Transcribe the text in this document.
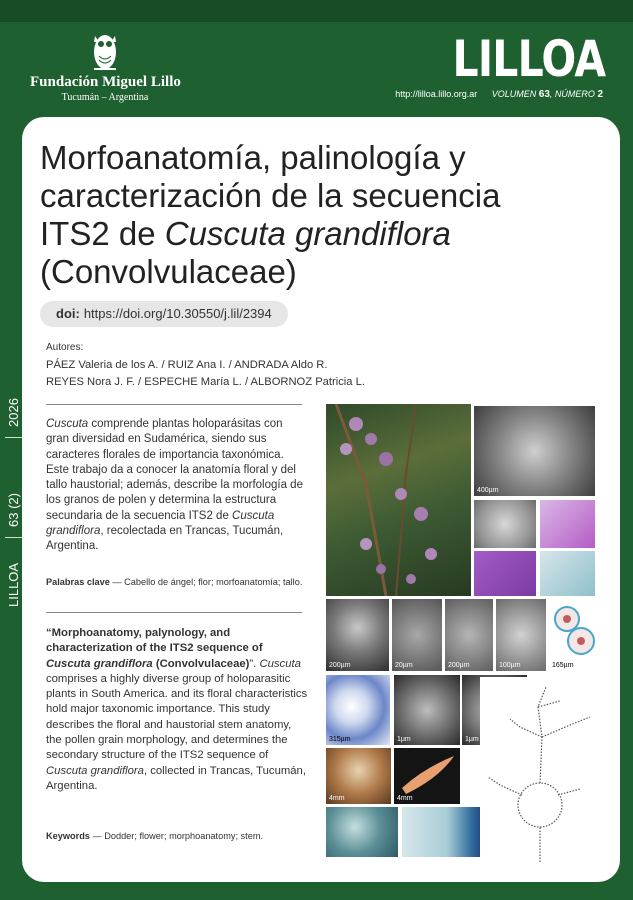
Fundación Miguel Lillo
Tucumán – Argentina
LILLOA
http://lilloa.lillo.org.ar VOLUMEN 63, NÚMERO 2
2026
63 (2)
LILLOA
Morfoanatomía, palinología y
caracterización de la secuencia
ITS2 de Cuscuta grandiflora
(Convolvulaceae)
doi: https://doi.org/10.30550/j.lil/2394
Autores:
PÁEZ Valeria de los A. / RUIZ Ana I. / ANDRADA Aldo R.
REYES Nora J. F. / ESPECHE María L. / ALBORNOZ Patricia L.
Cuscuta comprende plantas holoparásitas con gran diversidad en Sudamérica, siendo sus caracteres florales de importancia taxonómica. Este trabajo da a conocer la anatomía floral y del tallo haustorial; además, describe la morfología de los granos de polen y determina la estructura secundaria de la secuencia ITS2 de Cuscuta grandiflora, recolectada en Trancas, Tucumán, Argentina.
Palabras clave — Cabello de ángel; flor; morfoanatomía; tallo.
“Morphoanatomy, palynology, and characterization of the ITS2 sequence of Cuscuta grandiflora (Convolvulaceae)”. Cuscuta comprises a highly diverse group of holoparasitic plants in South America. and its floral characteristics hold major taxonomic importance. This study describes the floral and haustorial stem anatomy, the pollen grain morphology, and determines the secondary structure of the ITS2 sequence of Cuscuta grandiflora, collected in Trancas, Tucumán, Argentina.
Keywords — Dodder; flower; morphoanatomy; stem.
400µm
200µm	20µm	200µm	100µm	165µm
315µm	1µm	1µm
4mm	4mm
